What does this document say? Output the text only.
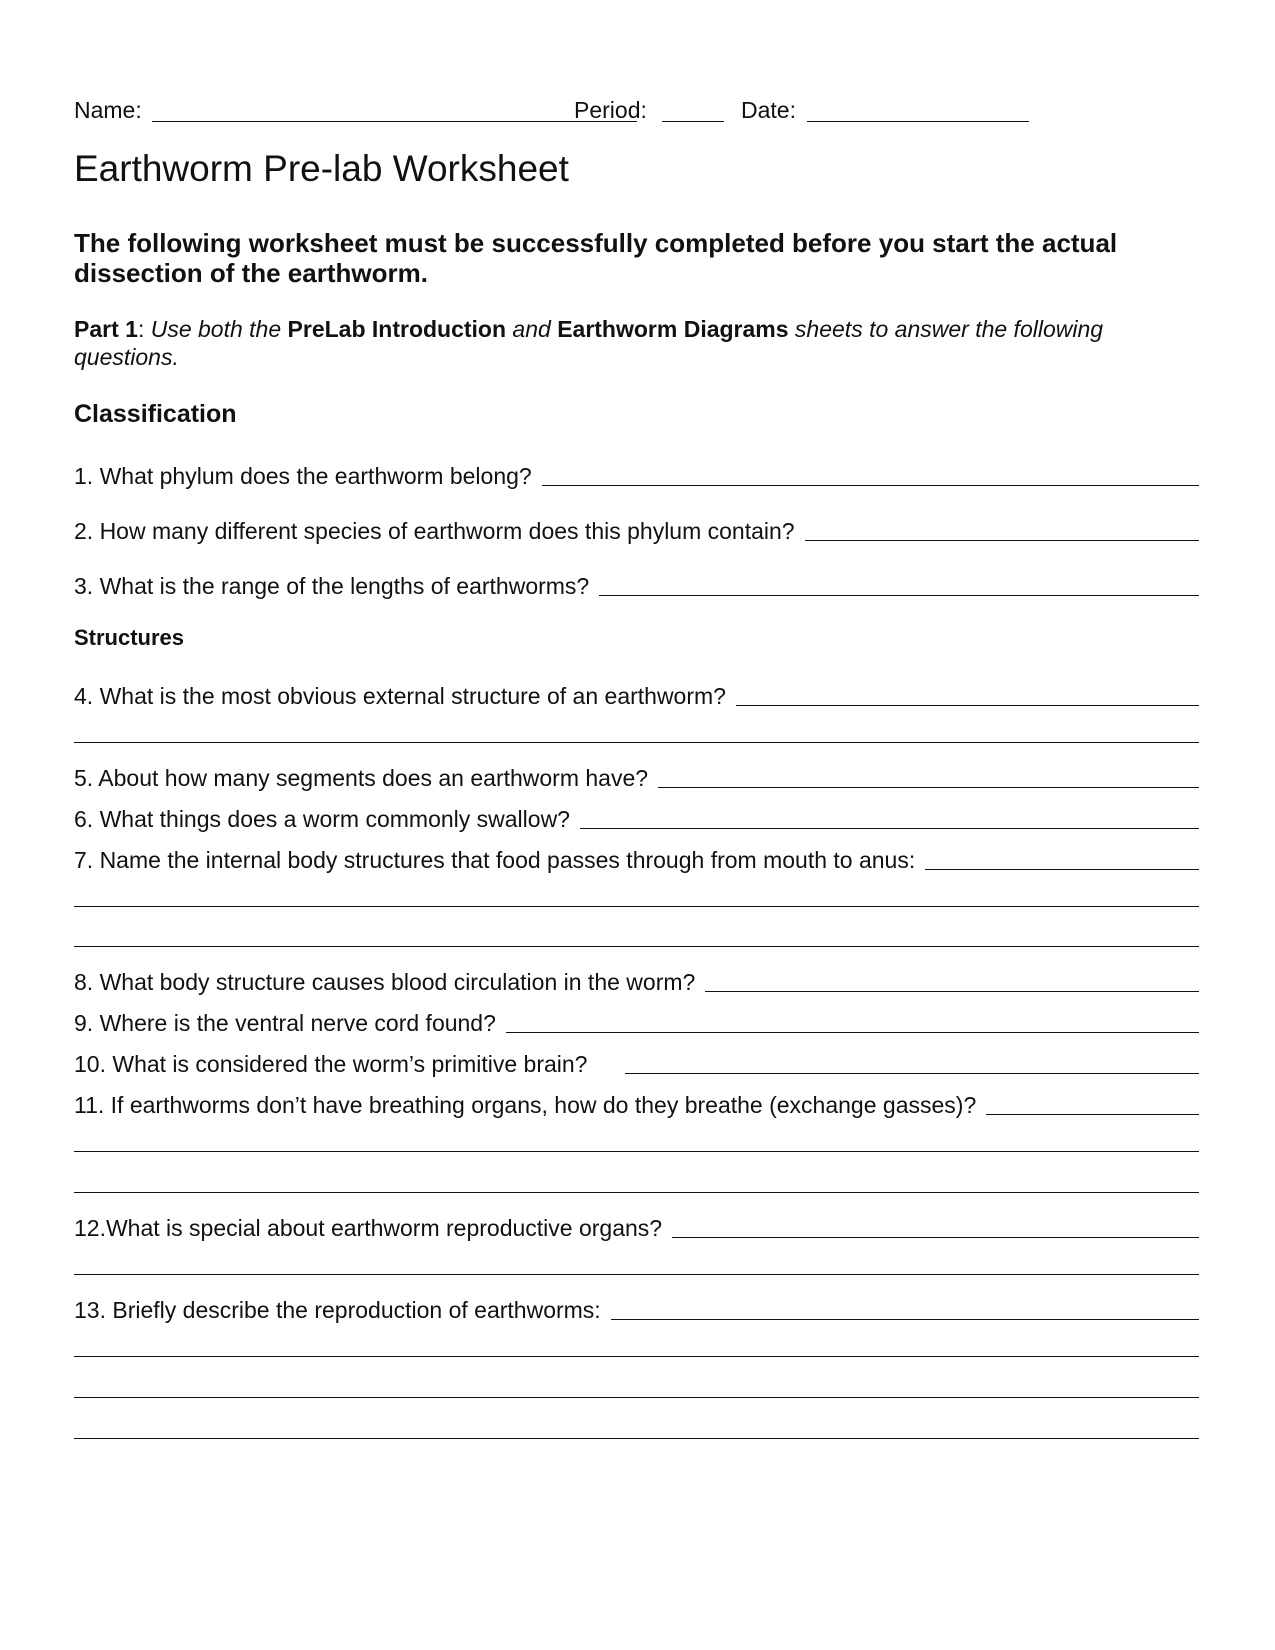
Name:	Period:	Date:
Earthworm Pre-lab Worksheet
The following worksheet must be successfully completed before you start the actual dissection of the earthworm.
Part 1: Use both the PreLab Introduction and Earthworm Diagrams sheets to answer the following questions.
Classification
1. What phylum does the earthworm belong?
2. How many different species of earthworm does this phylum contain?
3. What is the range of the lengths of earthworms?
Structures
4. What is the most obvious external structure of an earthworm?
5. About how many segments does an earthworm have?
6. What things does a worm commonly swallow?
7. Name the internal body structures that food passes through from mouth to anus:
8. What body structure causes blood circulation in the worm?
9. Where is the ventral nerve cord found?
10. What is considered the worm’s primitive brain?
11. If earthworms don’t have breathing organs, how do they breathe (exchange gasses)?
12.What is special about earthworm reproductive organs?
13. Briefly describe the reproduction of earthworms:
